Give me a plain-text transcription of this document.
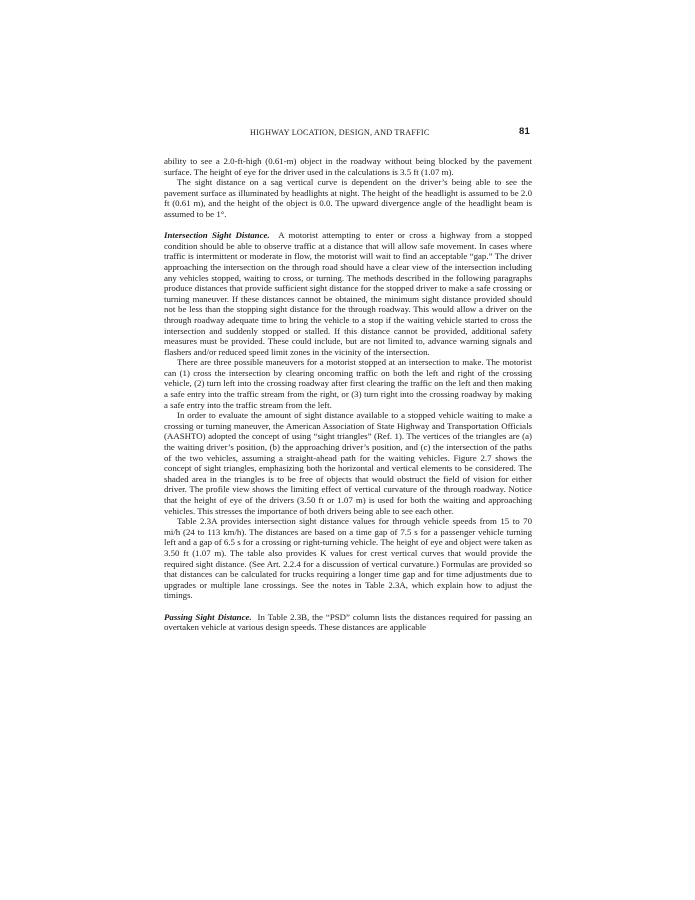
HIGHWAY LOCATION, DESIGN, AND TRAFFIC	81

ability to see a 2.0-ft-high (0.61-m) object in the roadway without being blocked by the pavement surface. The height of eye for the driver used in the calculations is 3.5 ft (1.07 m).

The sight distance on a sag vertical curve is dependent on the driver’s being able to see the pavement surface as illuminated by headlights at night. The height of the headlight is assumed to be 2.0 ft (0.61 m), and the height of the object is 0.0. The upward divergence angle of the headlight beam is assumed to be 1°.

Intersection Sight Distance. A motorist attempting to enter or cross a highway from a stopped condition should be able to observe traffic at a distance that will allow safe movement. In cases where traffic is intermittent or moderate in flow, the motorist will wait to find an acceptable “gap.” The driver approaching the intersection on the through road should have a clear view of the intersection including any vehicles stopped, waiting to cross, or turning. The methods described in the following paragraphs produce distances that provide sufficient sight distance for the stopped driver to make a safe crossing or turning maneuver. If these distances cannot be obtained, the minimum sight distance provided should not be less than the stopping sight distance for the through roadway. This would allow a driver on the through roadway adequate time to bring the vehicle to a stop if the waiting vehicle started to cross the intersection and suddenly stopped or stalled. If this distance cannot be provided, additional safety measures must be provided. These could include, but are not limited to, advance warning signals and flashers and/or reduced speed limit zones in the vicinity of the intersection.

There are three possible maneuvers for a motorist stopped at an intersection to make. The motorist can (1) cross the intersection by clearing oncoming traffic on both the left and right of the crossing vehicle, (2) turn left into the crossing roadway after first clearing the traffic on the left and then making a safe entry into the traffic stream from the right, or (3) turn right into the crossing roadway by making a safe entry into the traffic stream from the left.

In order to evaluate the amount of sight distance available to a stopped vehicle waiting to make a crossing or turning maneuver, the American Association of State Highway and Transportation Officials (AASHTO) adopted the concept of using “sight triangles” (Ref. 1). The vertices of the triangles are (a) the waiting driver’s position, (b) the approaching driver’s position, and (c) the intersection of the paths of the two vehicles, assuming a straight-ahead path for the waiting vehicles. Figure 2.7 shows the concept of sight triangles, emphasizing both the horizontal and vertical elements to be considered. The shaded area in the triangles is to be free of objects that would obstruct the field of vision for either driver. The profile view shows the limiting effect of vertical curvature of the through roadway. Notice that the height of eye of the drivers (3.50 ft or 1.07 m) is used for both the waiting and approaching vehicles. This stresses the importance of both drivers being able to see each other.

Table 2.3A provides intersection sight distance values for through vehicle speeds from 15 to 70 mi/h (24 to 113 km/h). The distances are based on a time gap of 7.5 s for a passenger vehicle turning left and a gap of 6.5 s for a crossing or right-turning vehicle. The height of eye and object were taken as 3.50 ft (1.07 m). The table also provides K values for crest vertical curves that would provide the required sight distance. (See Art. 2.2.4 for a discussion of vertical curvature.) Formulas are provided so that distances can be calculated for trucks requiring a longer time gap and for time adjustments due to upgrades or multiple lane crossings. See the notes in Table 2.3A, which explain how to adjust the timings.

Passing Sight Distance. In Table 2.3B, the “PSD” column lists the distances required for passing an overtaken vehicle at various design speeds. These distances are applicable
